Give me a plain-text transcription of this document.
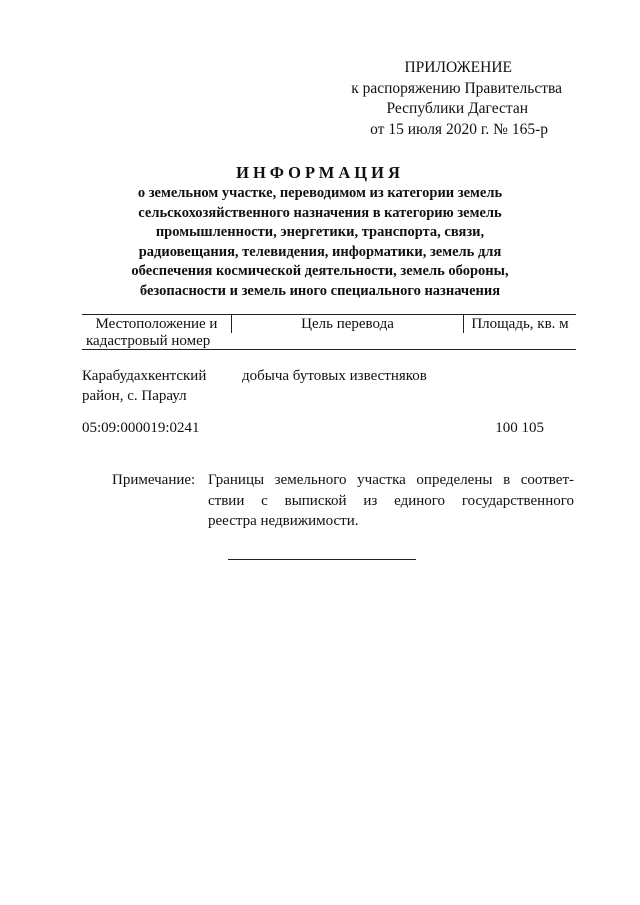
ПРИЛОЖЕНИЕ
к распоряжению Правительства
Республики Дагестан
от 15 июля 2020 г. № 165-р
ИНФОРМАЦИЯ
о земельном участке, переводимом из категории земель
сельскохозяйственного назначения в категорию земель
промышленности, энергетики, транспорта, связи,
радиовещания, телевидения, информатики, земель для
обеспечения космической деятельности, земель обороны,
безопасности и земель иного специального назначения
Местоположение и
кадастровый номер
Цель перевода	Площадь, кв. м
Карабудахкентский
район, с. Параул
добыча бутовых известняков
05:09:000019:0241	100 105
Примечание: Границы земельного участка определены в соответ-
ствии с выпиской из единого государственного
реестра недвижимости.
